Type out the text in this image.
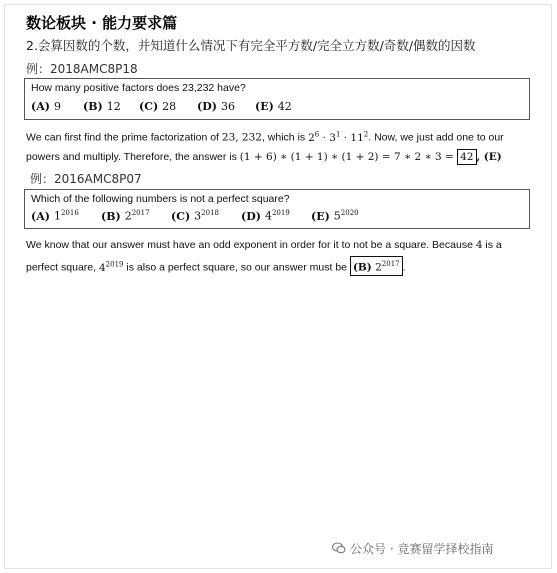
数论板块 · 能力要求篇
2.会算因数的个数，并知道什么情况下有完全平方数/完全立方数/奇数/偶数的因数
例：2018AMC8P18
How many positive factors does 23,232 have?
(A) 9 (B) 12 (C) 28 (D) 36 (E) 42
We can first find the prime factorization of 23, 232, which is $2^6 \cdot 3^1 \cdot 11^2$. Now, we just add one to our
powers and multiply. Therefore, the answer is (1 + 6) ∗ (1 + 1) ∗ (1 + 2) = 7 ∗ 2 ∗ 3 = 42 , (E)
例：2016AMC8P07
Which of the following numbers is not a perfect square?
(A) $1^{2016}$ (B) $2^{2017}$ (C) $3^{2018}$ (D) $4^{2019}$ (E) $5^{2020}$
We know that our answer must have an odd exponent in order for it to not be a square. Because 4 is a
perfect square, $4^{2019}$ is also a perfect square, so our answer must be (B) $2^{2017}$ .
公众号 · 竞赛留学择校指南
